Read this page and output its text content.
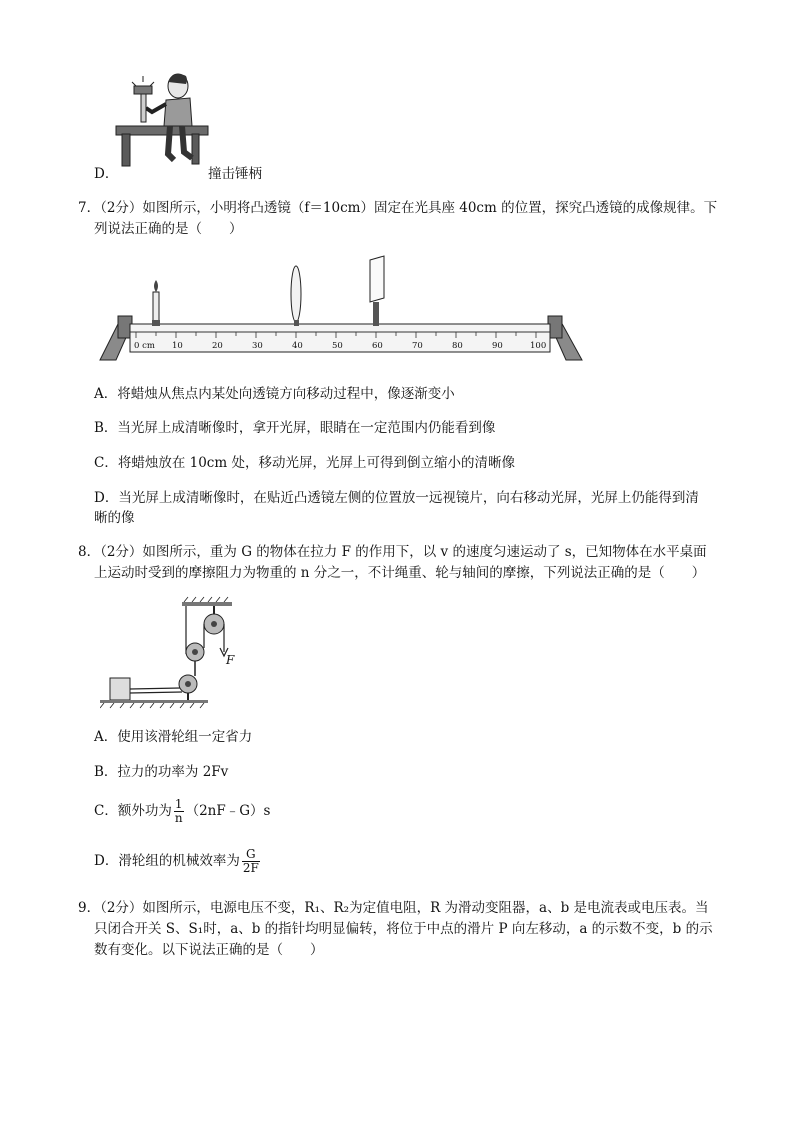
D．	撞击锤柄
7．（2分）如图所示，小明将凸透镜（f＝10cm）固定在光具座 40cm 的位置，探究凸透镜的成像规律。下
列说法正确的是（　　）
0 cm 10	20	30	40	50	60	70	80	90	100
A．将蜡烛从焦点内某处向透镜方向移动过程中，像逐渐变小
B．当光屏上成清晰像时，拿开光屏，眼睛在一定范围内仍能看到像
C．将蜡烛放在 10cm 处，移动光屏，光屏上可得到倒立缩小的清晰像
D．当光屏上成清晰像时，在贴近凸透镜左侧的位置放一远视镜片，向右移动光屏，光屏上仍能得到清
晰的像
8．（2分）如图所示，重为 G 的物体在拉力 F 的作用下，以 v 的速度匀速运动了 s，已知物体在水平桌面
上运动时受到的摩擦阻力为物重的 n 分之一，不计绳重、轮与轴间的摩擦，下列说法正确的是（　　）
F
A．使用该滑轮组一定省力
B．拉力的功率为 2Fv
C．额外功为 $\frac{1}{n}$ （2nF﹣G）s
D．滑轮组的机械效率为 $\frac{G}{2F}$
9．（2分）如图所示，电源电压不变，R₁、R₂为定值电阻，R 为滑动变阻器，a、b 是电流表或电压表。当
只闭合开关 S、S₁时，a、b 的指针均明显偏转，将位于中点的滑片 P 向左移动，a 的示数不变，b 的示
数有变化。以下说法正确的是（　　）
